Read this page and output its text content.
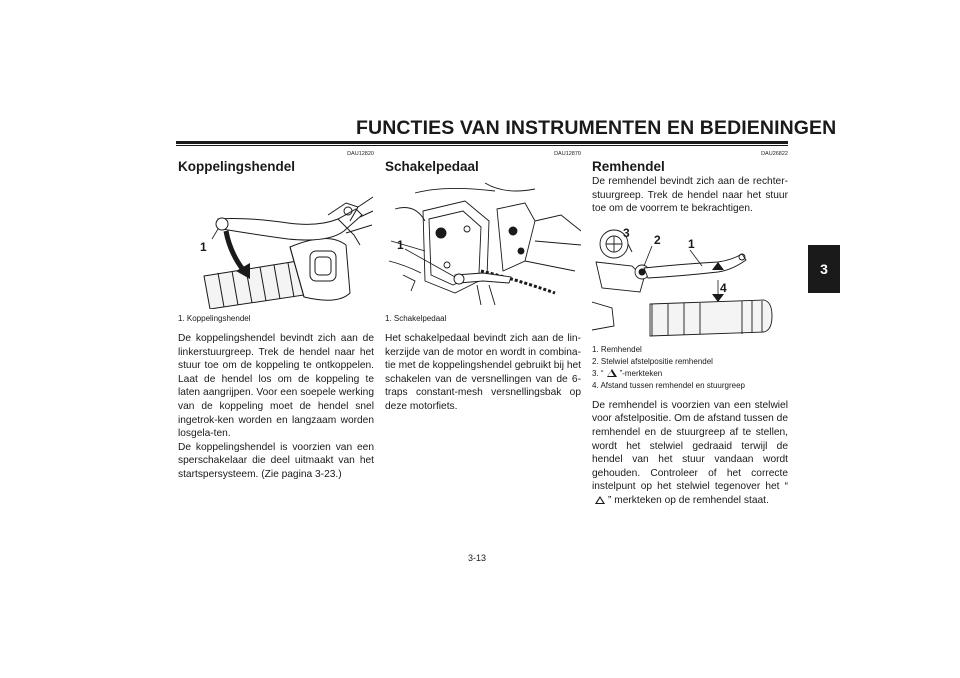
FUNCTIES VAN INSTRUMENTEN EN BEDIENINGEN
3
DAU12820
Koppelingshendel
1
1. Koppelingshendel

De koppelingshendel bevindt zich aan de linkerstuurgreep. Trek de hendel naar het stuur toe om de koppeling te ontkoppelen. Laat de hendel los om de koppeling te laten aangrijpen. Voor een soepele werking van de koppeling moet de hendel snel ingetrok-ken worden en langzaam worden losgela-ten.

De koppelingshendel is voorzien van een sperschakelaar die deel uitmaakt van het startspersysteem. (Zie pagina 3-23.)

DAU12870
Schakelpedaal
1
1. Schakelpedaal

Het schakelpedaal bevindt zich aan de lin-kerzijde van de motor en wordt in combina-tie met de koppelingshendel gebruikt bij het schakelen van de versnellingen van de 6-traps constant-mesh versnellingsbak op deze motorfiets.

DAU26822
Remhendel

De remhendel bevindt zich aan de rechter-stuurgreep. Trek de hendel naar het stuur toe om de voorrem te bekrachtigen.

3 2 1
4
1. Remhendel
2. Stelwiel afstelpositie remhendel
3. “ ”-merkteken
4. Afstand tussen remhendel en stuurgreep

De remhendel is voorzien van een stelwiel voor afstelpositie. Om de afstand tussen de remhendel en de stuurgreep af te stellen, wordt het stelwiel gedraaid terwijl de hendel van het stuur vandaan wordt gehouden. Controleer of het correcte instelpunt op het stelwiel tegenover het “” merkteken op de remhendel staat.

3-13
